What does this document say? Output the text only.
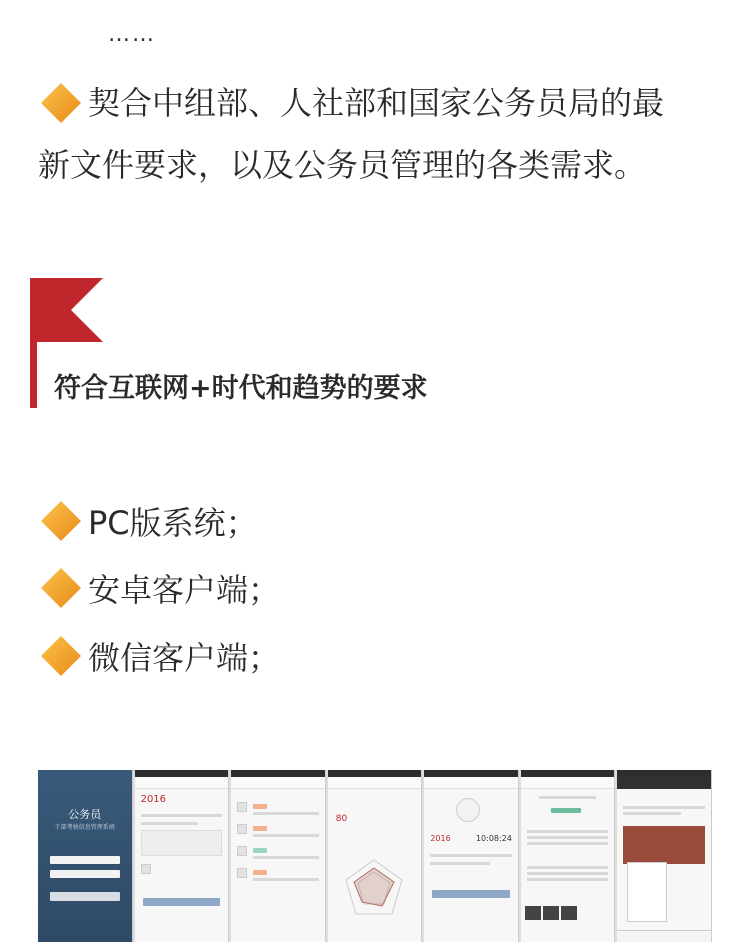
……
契合中组部、人社部和国家公务员局的最
新文件要求，以及公务员管理的各类需求。
符合互联网+时代和趋势的要求
PC版系统；
安卓客户端；
微信客户端；
公务员
干部考核信息管理系统
2016
80
2016	10:08:24
